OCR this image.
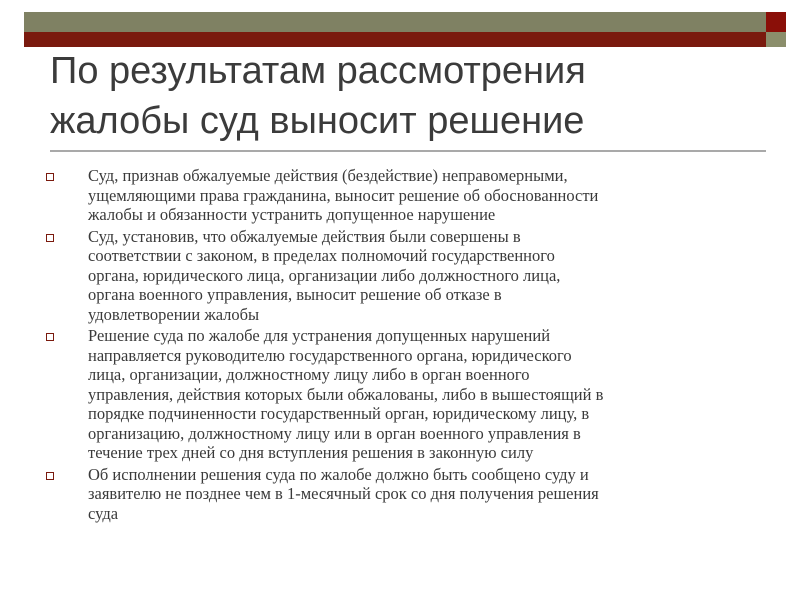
По результатам рассмотрения
жалобы суд выносит решение
Суд, признав обжалуемые действия (бездействие) неправомерными,
ущемляющими права гражданина, выносит решение об обоснованности
жалобы и обязанности устранить допущенное нарушение
Суд, установив, что обжалуемые действия были совершены в
соответствии с законом, в пределах полномочий государственного
органа, юридического лица, организации либо должностного лица,
органа военного управления, выносит решение об отказе в
удовлетворении жалобы
Решение суда по жалобе для устранения допущенных нарушений
направляется руководителю государственного органа, юридического
лица, организации, должностному лицу либо в орган военного
управления, действия которых были обжалованы, либо в вышестоящий в
порядке подчиненности государственный орган, юридическому лицу, в
организацию, должностному лицу или в орган военного управления в
течение трех дней со дня вступления решения в законную силу
Об исполнении решения суда по жалобе должно быть сообщено суду и
заявителю не позднее чем в 1-месячный срок со дня получения решения
суда
